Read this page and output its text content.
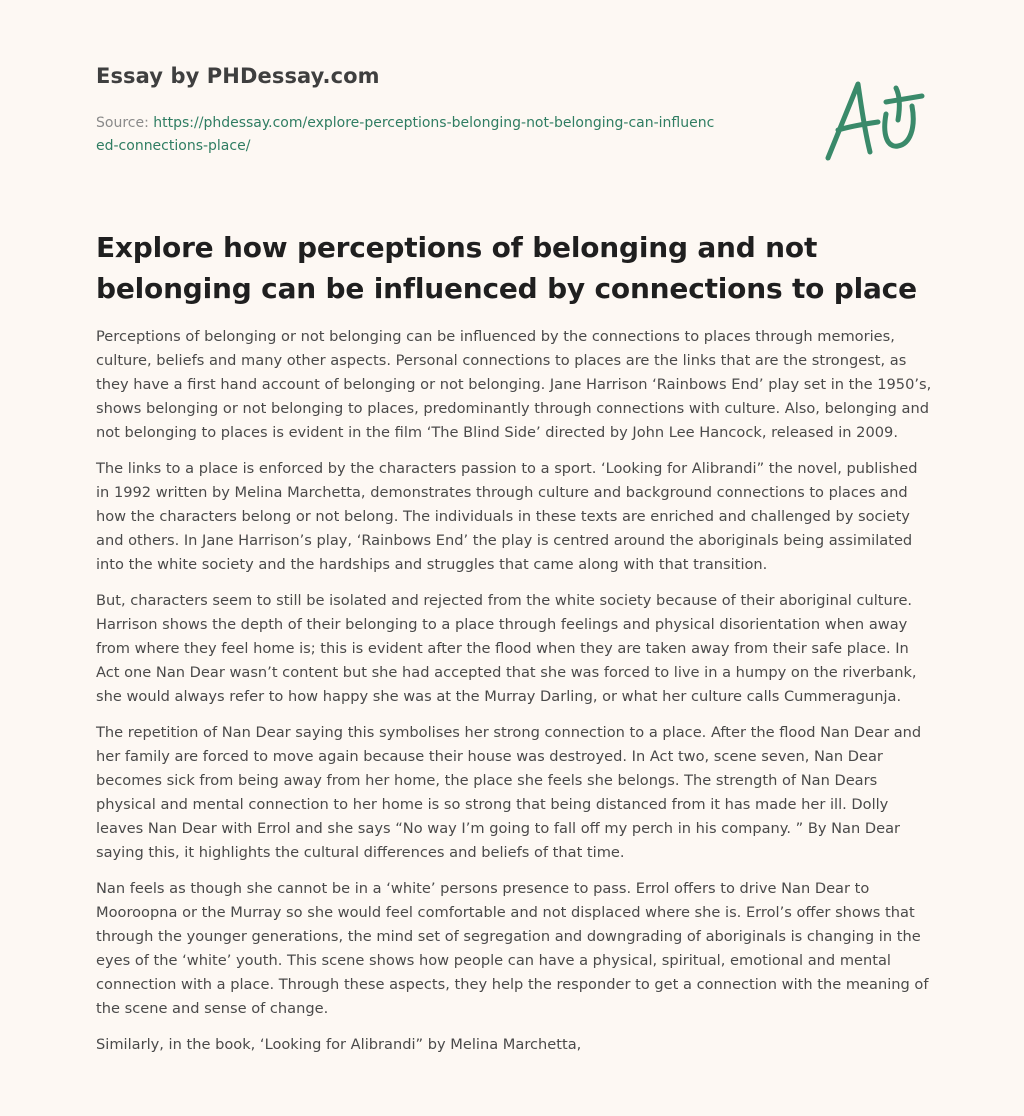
Essay by PHDessay.com
Source: https://phdessay.com/explore-perceptions-belonging-not-belonging-can-influenced-connections-place/
Explore how perceptions of belonging and not belonging can be influenced by connections to place

Perceptions of belonging or not belonging can be influenced by the connections to places through memories, culture, beliefs and many other aspects. Personal connections to places are the links that are the strongest, as they have a first hand account of belonging or not belonging. Jane Harrison ‘Rainbows End’ play set in the 1950’s, shows belonging or not belonging to places, predominantly through connections with culture. Also, belonging and not belonging to places is evident in the film ‘The Blind Side’ directed by John Lee Hancock, released in 2009.

The links to a place is enforced by the characters passion to a sport. ‘Looking for Alibrandi” the novel, published in 1992 written by Melina Marchetta, demonstrates through culture and background connections to places and how the characters belong or not belong. The individuals in these texts are enriched and challenged by society and others. In Jane Harrison’s play, ‘Rainbows End’ the play is centred around the aboriginals being assimilated into the white society and the hardships and struggles that came along with that transition.

But, characters seem to still be isolated and rejected from the white society because of their aboriginal culture. Harrison shows the depth of their belonging to a place through feelings and physical disorientation when away from where they feel home is; this is evident after the flood when they are taken away from their safe place. In Act one Nan Dear wasn’t content but she had accepted that she was forced to live in a humpy on the riverbank, she would always refer to how happy she was at the Murray Darling, or what her culture calls Cummeragunja.

The repetition of Nan Dear saying this symbolises her strong connection to a place. After the flood Nan Dear and her family are forced to move again because their house was destroyed. In Act two, scene seven, Nan Dear becomes sick from being away from her home, the place she feels she belongs. The strength of Nan Dears physical and mental connection to her home is so strong that being distanced from it has made her ill. Dolly leaves Nan Dear with Errol and she says “No way I’m going to fall off my perch in his company. ” By Nan Dear saying this, it highlights the cultural differences and beliefs of that time.

Nan feels as though she cannot be in a ‘white’ persons presence to pass. Errol offers to drive Nan Dear to Mooroopna or the Murray so she would feel comfortable and not displaced where she is. Errol’s offer shows that through the younger generations, the mind set of segregation and downgrading of aboriginals is changing in the eyes of the ‘white’ youth. This scene shows how people can have a physical, spiritual, emotional and mental connection with a place. Through these aspects, they help the responder to get a connection with the meaning of the scene and sense of change.

Similarly, in the book, ‘Looking for Alibrandi” by Melina Marchetta,
